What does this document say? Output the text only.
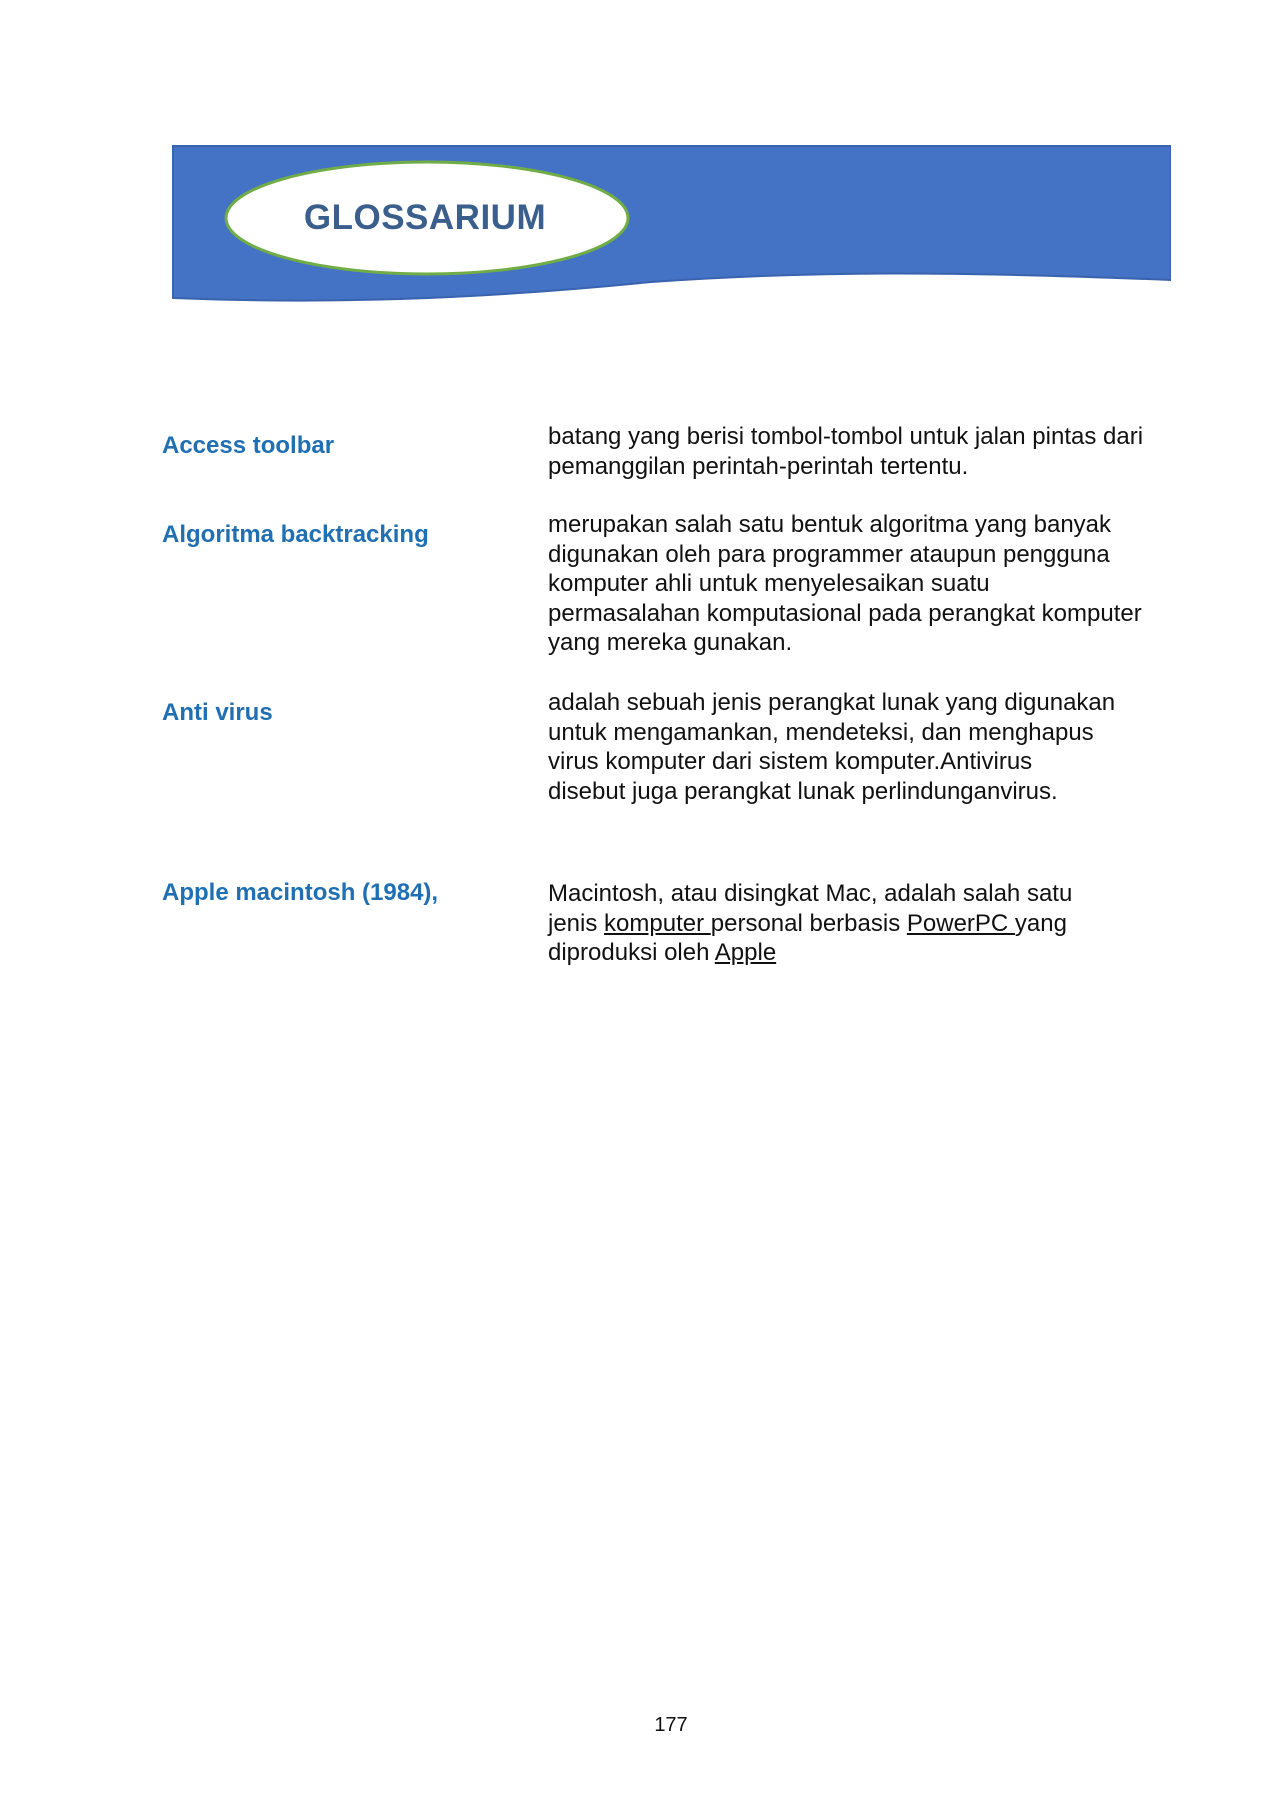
GLOSSARIUM
Access toolbar	batang yang berisi tombol-tombol untuk jalan pintas dari
pemanggilan perintah-perintah tertentu.
Algoritma backtracking	merupakan salah satu bentuk algoritma yang banyak
digunakan oleh para programmer ataupun pengguna
komputer ahli untuk menyelesaikan suatu
permasalahan komputasional pada perangkat komputer
yang mereka gunakan.
Anti virus	adalah sebuah jenis perangkat lunak yang digunakan
untuk mengamankan, mendeteksi, dan menghapus
virus komputer dari sistem komputer.Antivirus
disebut juga perangkat lunak perlindunganvirus.
Apple macintosh (1984),	Macintosh, atau disingkat Mac, adalah salah satu
jenis komputer personal berbasis PowerPC yang
diproduksi oleh Apple
177
